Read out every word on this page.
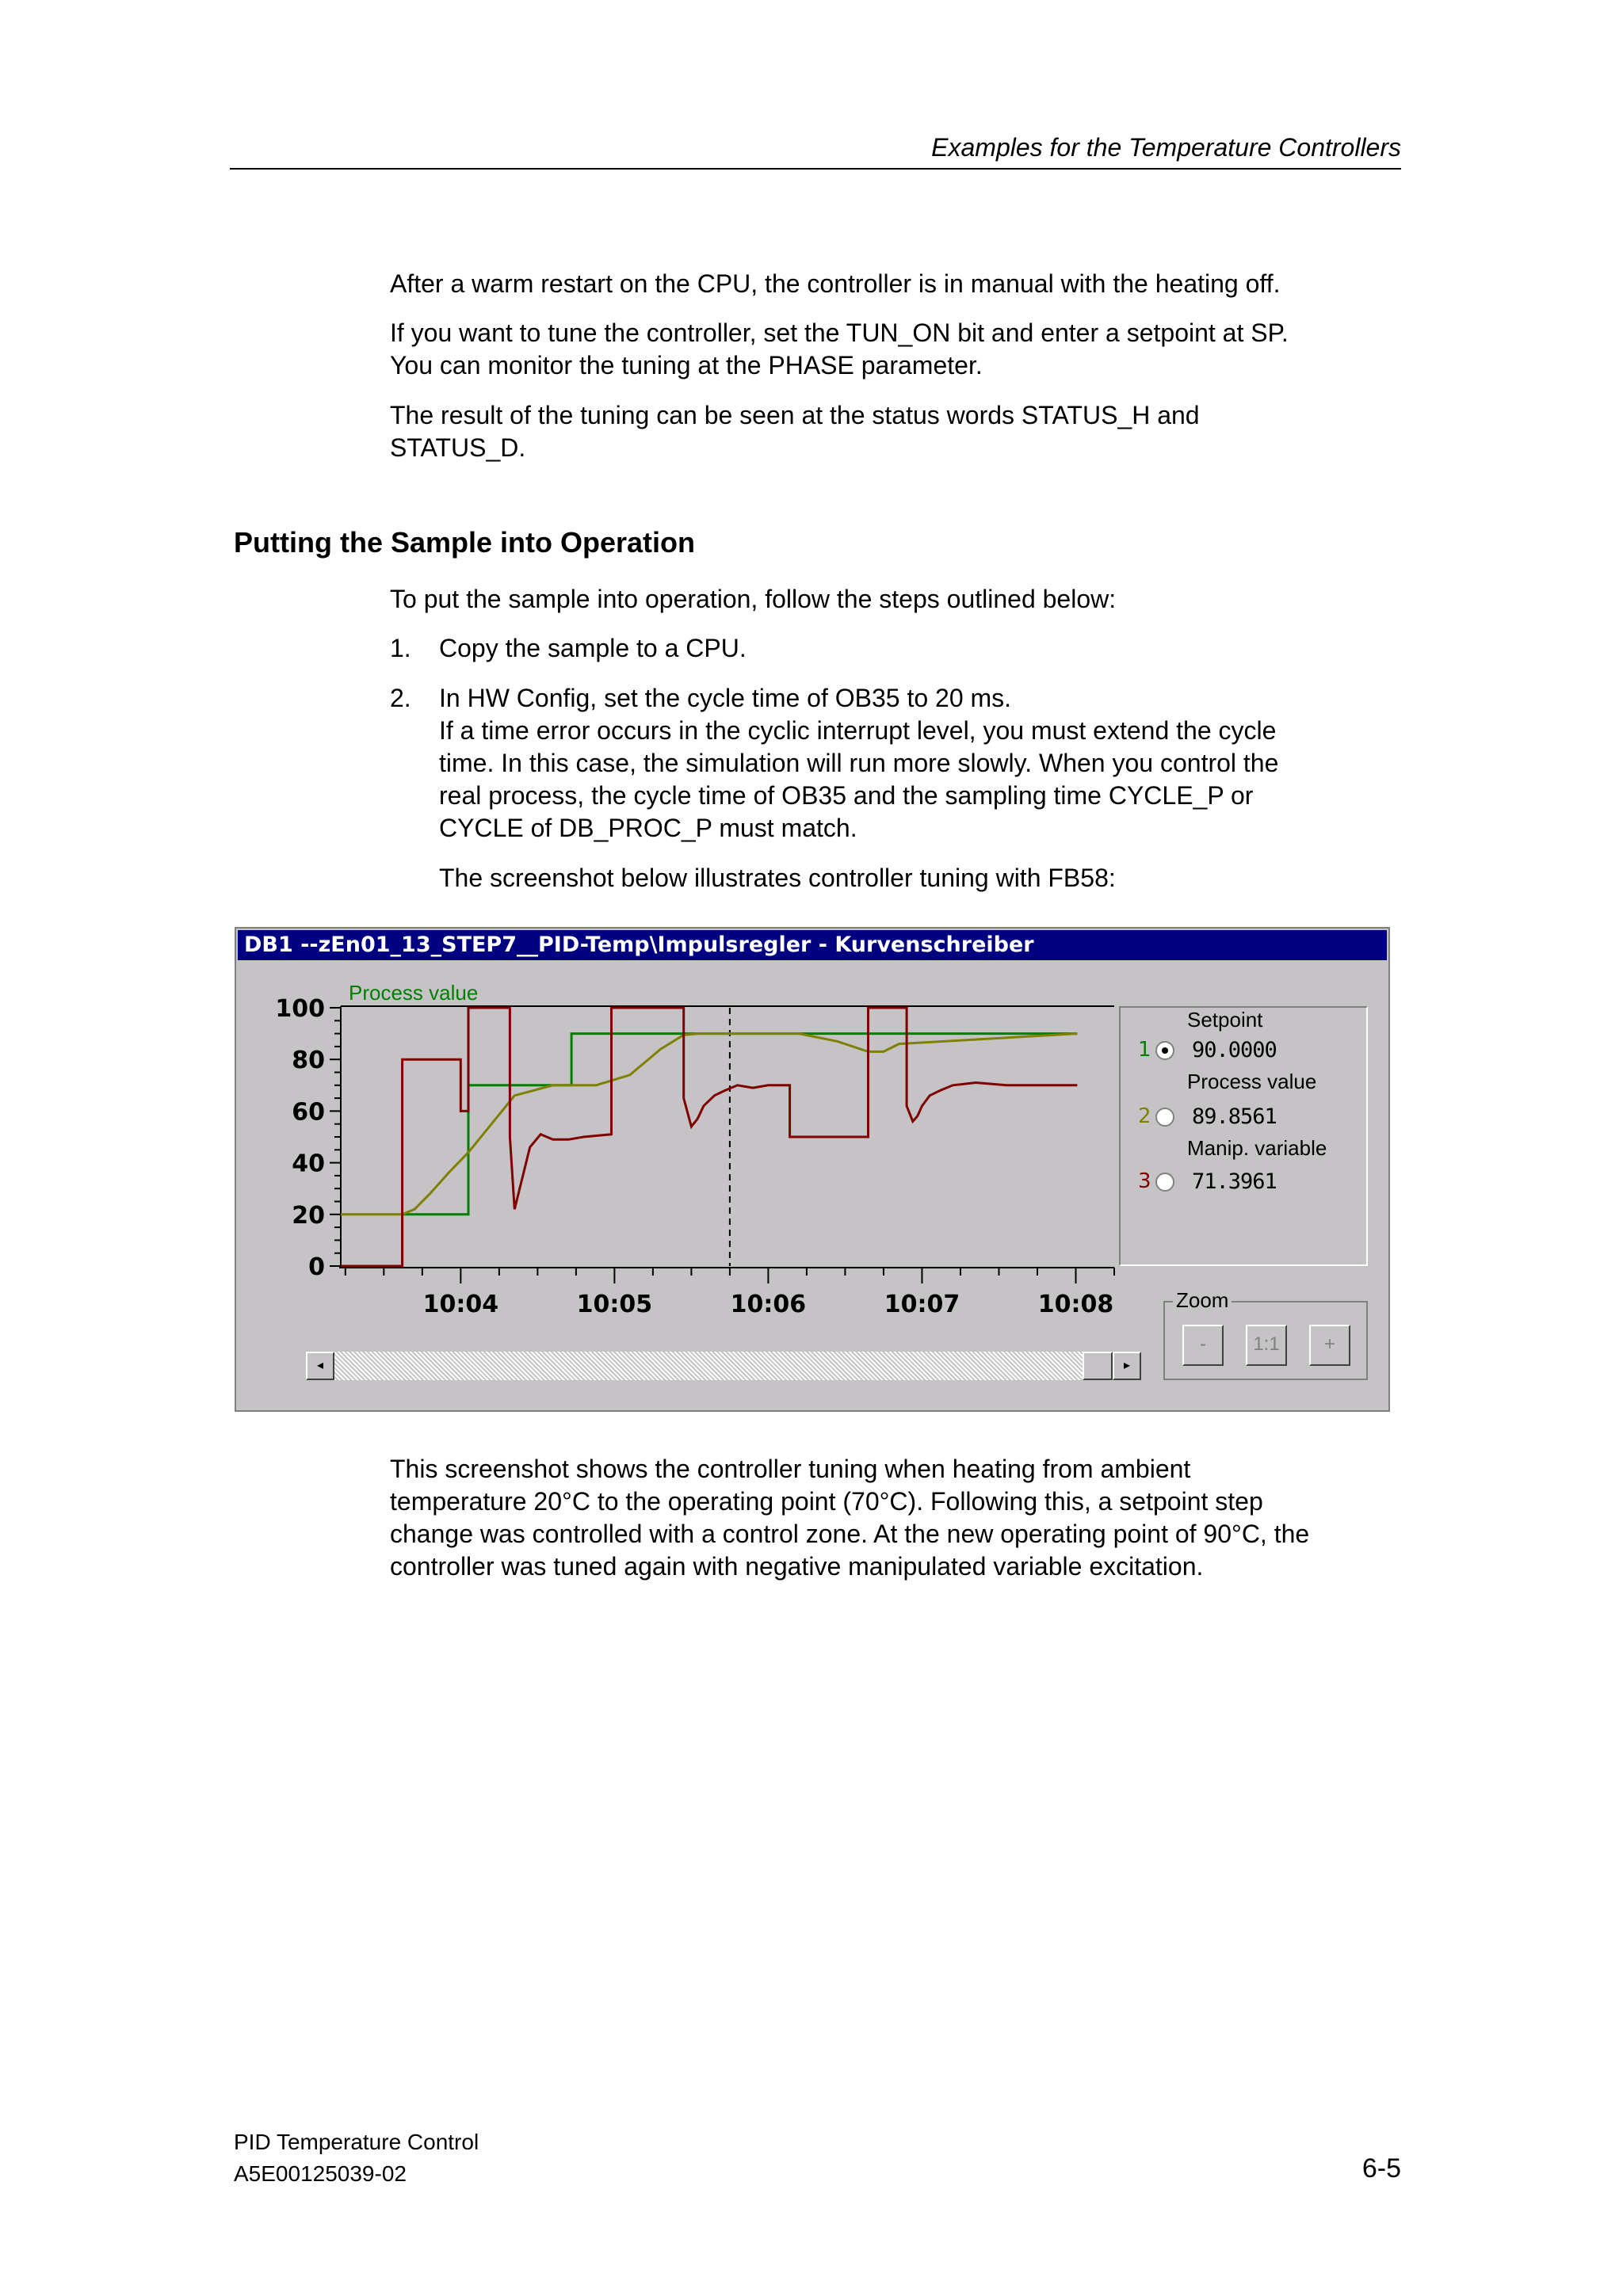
Examples for the Temperature Controllers
After a warm restart on the CPU, the controller is in manual with the heating off.
If you want to tune the controller, set the TUN_ON bit and enter a setpoint at SP.
You can monitor the tuning at the PHASE parameter.
The result of the tuning can be seen at the status words STATUS_H and
STATUS_D.
Putting the Sample into Operation
To put the sample into operation, follow the steps outlined below:
1. Copy the sample to a CPU.
2. In HW Config, set the cycle time of OB35 to 20 ms.
If a time error occurs in the cyclic interrupt level, you must extend the cycle
time. In this case, the simulation will run more slowly. When you control the
real process, the cycle time of OB35 and the sampling time CYCLE_P or
CYCLE of DB_PROC_P must match.
The screenshot below illustrates controller tuning with FB58:
DB1 --zEn01_13_STEP7__PID-Temp\Impulsregler - Kurvenschreiber
0
20
40
60
80
100
10:04	10:05	10:06	10:07	10:08
Process value
Setpoint
1 90.0000
Process value
2 89.8561
Manip. variable
3 71.3961
Zoom
-	1:1	+
◂	▸
This screenshot shows the controller tuning when heating from ambient
temperature 20°C to the operating point (70°C). Following this, a setpoint step
change was controlled with a control zone. At the new operating point of 90°C, the
controller was tuned again with negative manipulated variable excitation.
PID Temperature Control
A5E00125039-02	6-5
